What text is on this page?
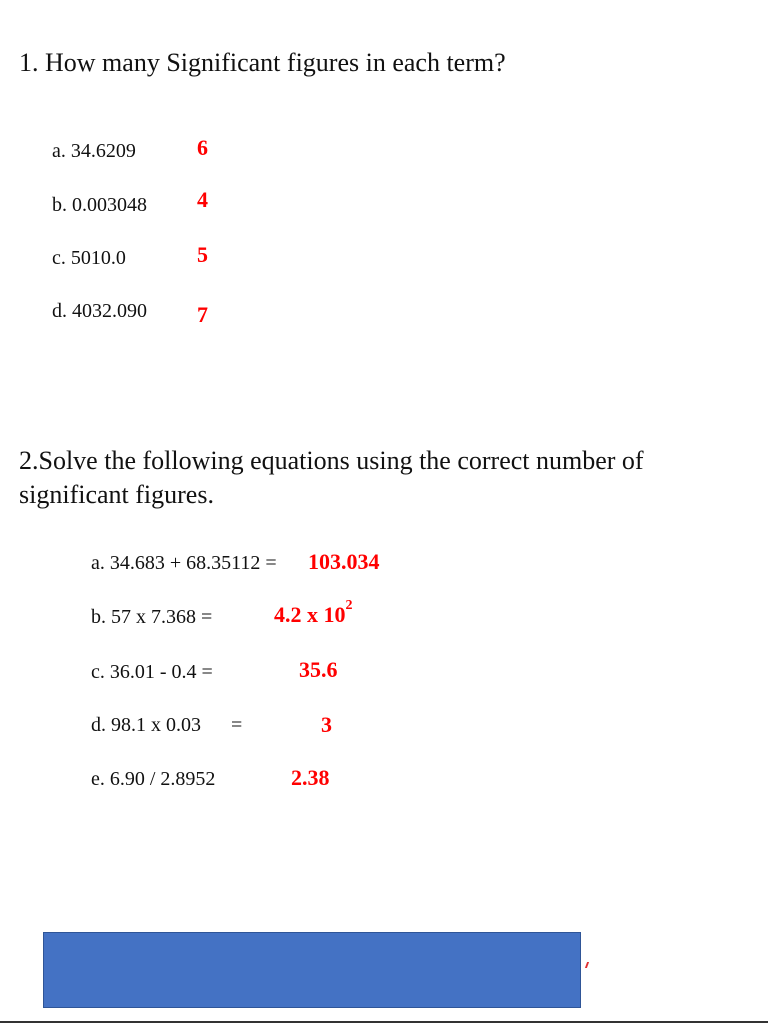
1. How many Significant figures in each term?
a. 34.6209	6
b. 0.003048 4
c. 5010.0	5
d. 4032.090 7
2.Solve the following equations using the correct number of
significant figures.
a. 34.683 + 68.35112 = 103.034
b. 57 x 7.368 =	4.2 x $10^2$
c. 36.01 - 0.4 =	35.6
d. 98.1 x 0.03 =	3
e. 6.90 / 2.8952	2.38
